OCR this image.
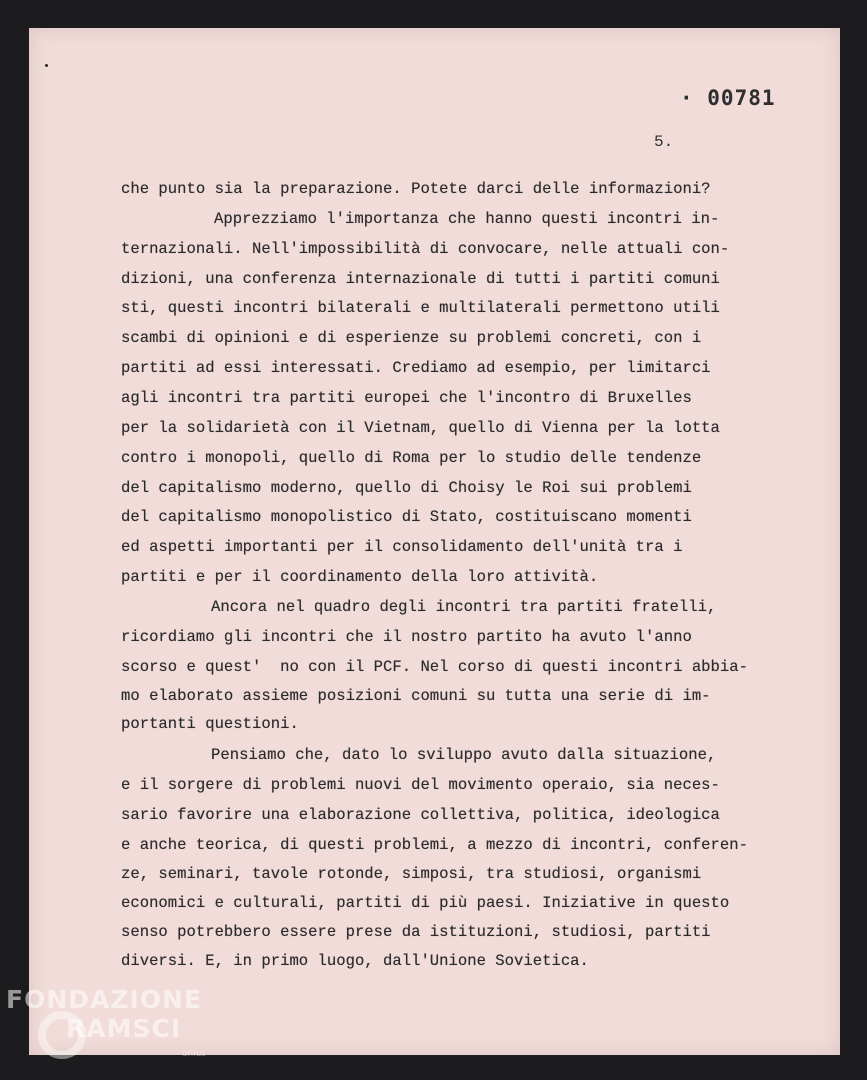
· 00781
5.
che punto sia la preparazione. Potete darci delle informazioni?
Apprezziamo l'importanza che hanno questi incontri in-
ternazionali. Nell'impossibilità di convocare, nelle attuali con-
dizioni, una conferenza internazionale di tutti i partiti comuni
sti, questi incontri bilaterali e multilaterali permettono utili
scambi di opinioni e di esperienze su problemi concreti, con i
partiti ad essi interessati. Crediamo ad esempio, per limitarci
agli incontri tra partiti europei che l'incontro di Bruxelles
per la solidarietà con il Vietnam, quello di Vienna per la lotta
contro i monopoli, quello di Roma per lo studio delle tendenze
del capitalismo moderno, quello di Choisy le Roi sui problemi
del capitalismo monopolistico di Stato, costituiscano momenti
ed aspetti importanti per il consolidamento dell'unità tra i
partiti e per il coordinamento della loro attività.
Ancora nel quadro degli incontri tra partiti fratelli,
ricordiamo gli incontri che il nostro partito ha avuto l'anno
scorso e quest'  no con il PCF. Nel corso di questi incontri abbia-
mo elaborato assieme posizioni comuni su tutta una serie di im-
portanti questioni.
Pensiamo che, dato lo sviluppo avuto dalla situazione,
e il sorgere di problemi nuovi del movimento operaio, sia neces-
sario favorire una elaborazione collettiva, politica, ideologica
e anche teorica, di questi problemi, a mezzo di incontri, conferen-
ze, seminari, tavole rotonde, simposi, tra studiosi, organismi
economici e culturali, partiti di più paesi. Iniziative in questo
senso potrebbero essere prese da istituzioni, studiosi, partiti
diversi. E, in primo luogo, dall'Unione Sovietica.
FONDAZIONE
RAMSCI
onlus
